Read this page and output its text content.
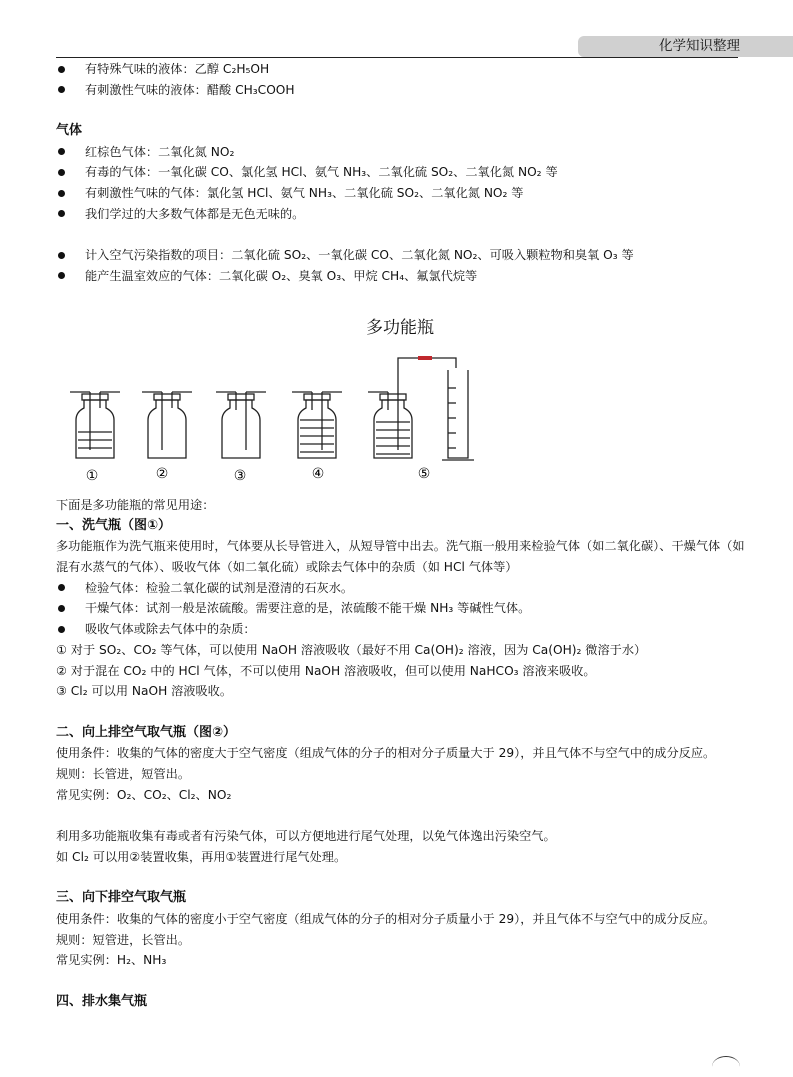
化学知识整理
有特殊气味的液体：乙醇 C₂H₅OH
有刺激性气味的液体：醋酸 CH₃COOH
气体
红棕色气体：二氧化氮 NO₂
有毒的气体：一氧化碳 CO、氯化氢 HCl、氨气 NH₃、二氧化硫 SO₂、二氧化氮 NO₂ 等
有刺激性气味的气体：氯化氢 HCl、氨气 NH₃、二氧化硫 SO₂、二氧化氮 NO₂ 等
我们学过的大多数气体都是无色无味的。
计入空气污染指数的项目：二氧化硫 SO₂、一氧化碳 CO、二氧化氮 NO₂、可吸入颗粒物和臭氧 O₃ 等
能产生温室效应的气体：二氧化碳 O₂、臭氧 O₃、甲烷 CH₄、氟氯代烷等
多功能瓶
①	②	③	④	⑤
下面是多功能瓶的常见用途：
一、洗气瓶（图①）
多功能瓶作为洗气瓶来使用时，气体要从长导管进入，从短导管中出去。洗气瓶一般用来检验气体（如二氧化碳）、干燥气体（如混有水蒸气的气体）、吸收气体（如二氧化硫）或除去气体中的杂质（如 HCl 气体等）
检验气体：检验二氧化碳的试剂是澄清的石灰水。
干燥气体：试剂一般是浓硫酸。需要注意的是，浓硫酸不能干燥 NH₃ 等碱性气体。
吸收气体或除去气体中的杂质：
① 对于 SO₂、CO₂ 等气体，可以使用 NaOH 溶液吸收（最好不用 Ca(OH)₂ 溶液，因为 Ca(OH)₂ 微溶于水）
② 对于混在 CO₂ 中的 HCl 气体，不可以使用 NaOH 溶液吸收，但可以使用 NaHCO₃ 溶液来吸收。
③ Cl₂ 可以用 NaOH 溶液吸收。
二、向上排空气取气瓶（图②）
使用条件：收集的气体的密度大于空气密度（组成气体的分子的相对分子质量大于 29），并且气体不与空气中的成分反应。
规则：长管进，短管出。
常见实例：O₂、CO₂、Cl₂、NO₂
利用多功能瓶收集有毒或者有污染气体，可以方便地进行尾气处理，以免气体逸出污染空气。
如 Cl₂ 可以用②装置收集，再用①装置进行尾气处理。
三、向下排空气取气瓶
使用条件：收集的气体的密度小于空气密度（组成气体的分子的相对分子质量小于 29），并且气体不与空气中的成分反应。
规则：短管进，长管出。
常见实例：H₂、NH₃
四、排水集气瓶
